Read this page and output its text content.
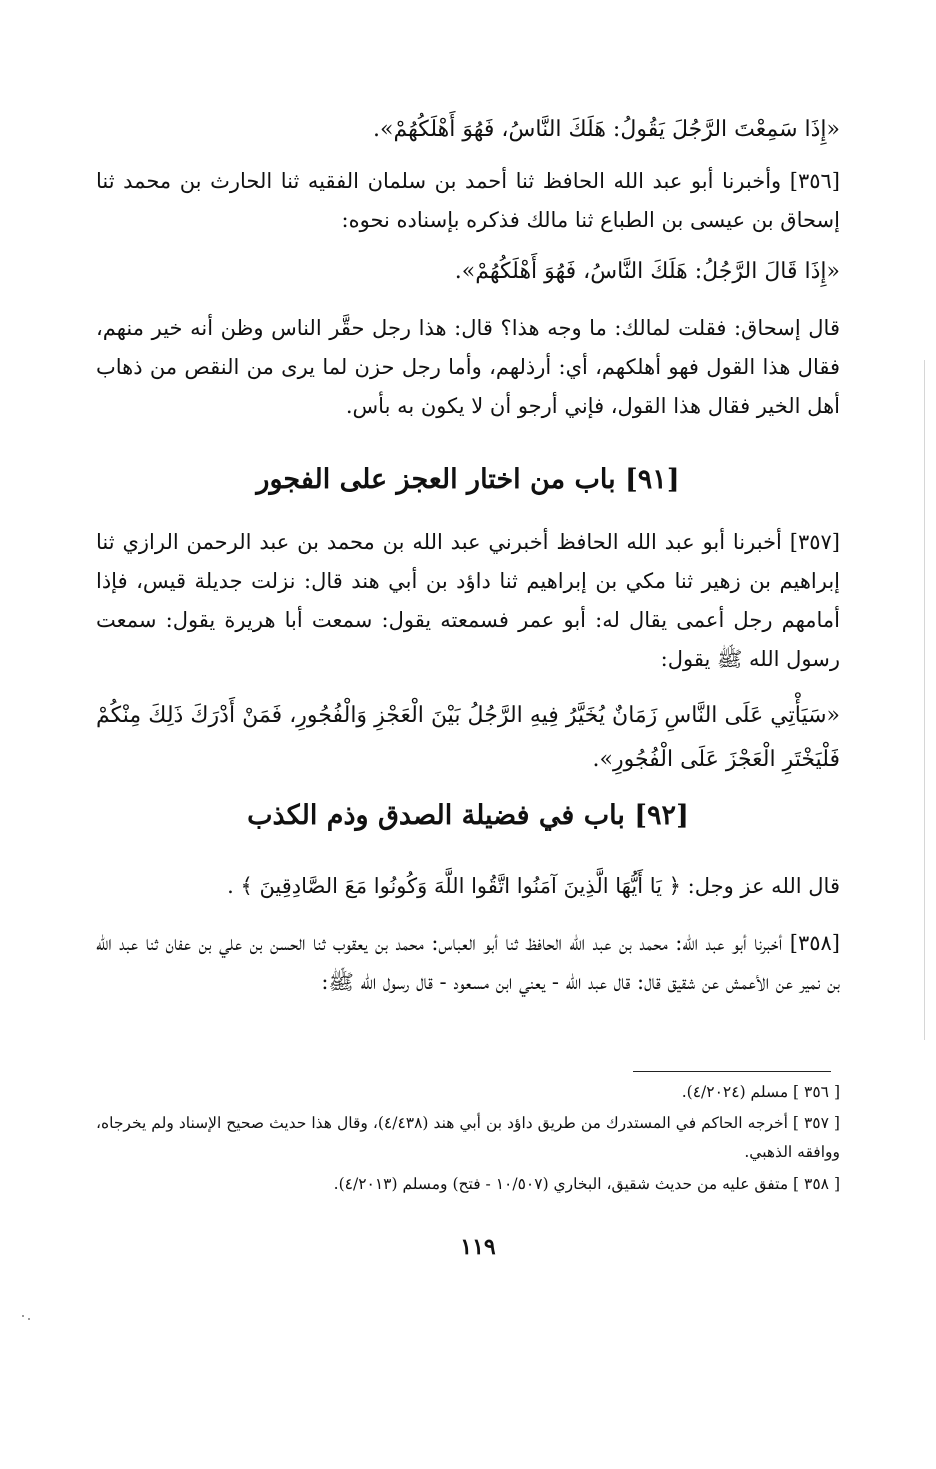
«إِذَا سَمِعْتَ الرَّجُلَ يَقُولُ: هَلَكَ النَّاسُ، فَهُوَ أَهْلَكُهُمْ».

[٣٥٦] وأخبرنا أبو عبد الله الحافظ ثنا أحمد بن سلمان الفقيه ثنا الحارث بن محمد ثنا إسحاق بن عيسى بن الطباع ثنا مالك فذكره بإسناده نحوه:

«إِذَا قَالَ الرَّجُلُ: هَلَكَ النَّاسُ، فَهُوَ أَهْلَكُهُمْ».

قال إسحاق: فقلت لمالك: ما وجه هذا؟ قال: هذا رجل حقَّر الناس وظن أنه خير منهم، فقال هذا القول فهو أهلكهم، أي: أرذلهم، وأما رجل حزن لما يرى من النقص من ذهاب أهل الخير فقال هذا القول، فإني أرجو أن لا يكون به بأس.

[٩١] باب من اختار العجز على الفجور

[٣٥٧] أخبرنا أبو عبد الله الحافظ أخبرني عبد الله بن محمد بن عبد الرحمن الرازي ثنا إبراهيم بن زهير ثنا مكي بن إبراهيم ثنا داؤد بن أبي هند قال: نزلت جديلة قيس، فإذا أمامهم رجل أعمى يقال له: أبو عمر فسمعته يقول: سمعت أبا هريرة يقول: سمعت رسول الله ﷺ يقول:

«سَيَأْتِي عَلَى النَّاسِ زَمَانٌ يُخَيَّرُ فِيهِ الرَّجُلُ بَيْنَ الْعَجْزِ وَالْفُجُورِ، فَمَنْ أَدْرَكَ ذَلِكَ مِنْكُمْ فَلْيَخْتَرِ الْعَجْزَ عَلَى الْفُجُورِ».

[٩٢] باب في فضيلة الصدق وذم الكذب

قال الله عز وجل: ﴿ يَا أَيُّهَا الَّذِينَ آمَنُوا اتَّقُوا اللَّهَ وَكُونُوا مَعَ الصَّادِقِينَ ﴾ .

[٣٥٨] أخبرنا أبو عبد الله: محمد بن عبد الله الحافظ ثنا أبو العباس: محمد بن يعقوب ثنا الحسن بن علي بن عفان ثنا عبد الله بن نمير عن الأعمش عن شقيق قال: قال عبد الله - يعني ابن مسعود - قال رسول الله ﷺ:

[ ٣٥٦ ] مسلم (٤/٢٠٢٤).

[ ٣٥٧ ] أخرجه الحاكم في المستدرك من طريق داؤد بن أبي هند (٤/٤٣٨)، وقال هذا حديث صحيح الإسناد ولم يخرجاه، ووافقه الذهبي.

[ ٣٥٨ ] متفق عليه من حديث شقيق، البخاري (١٠/٥٠٧ - فتح) ومسلم (٤/٢٠١٣).

١١٩
